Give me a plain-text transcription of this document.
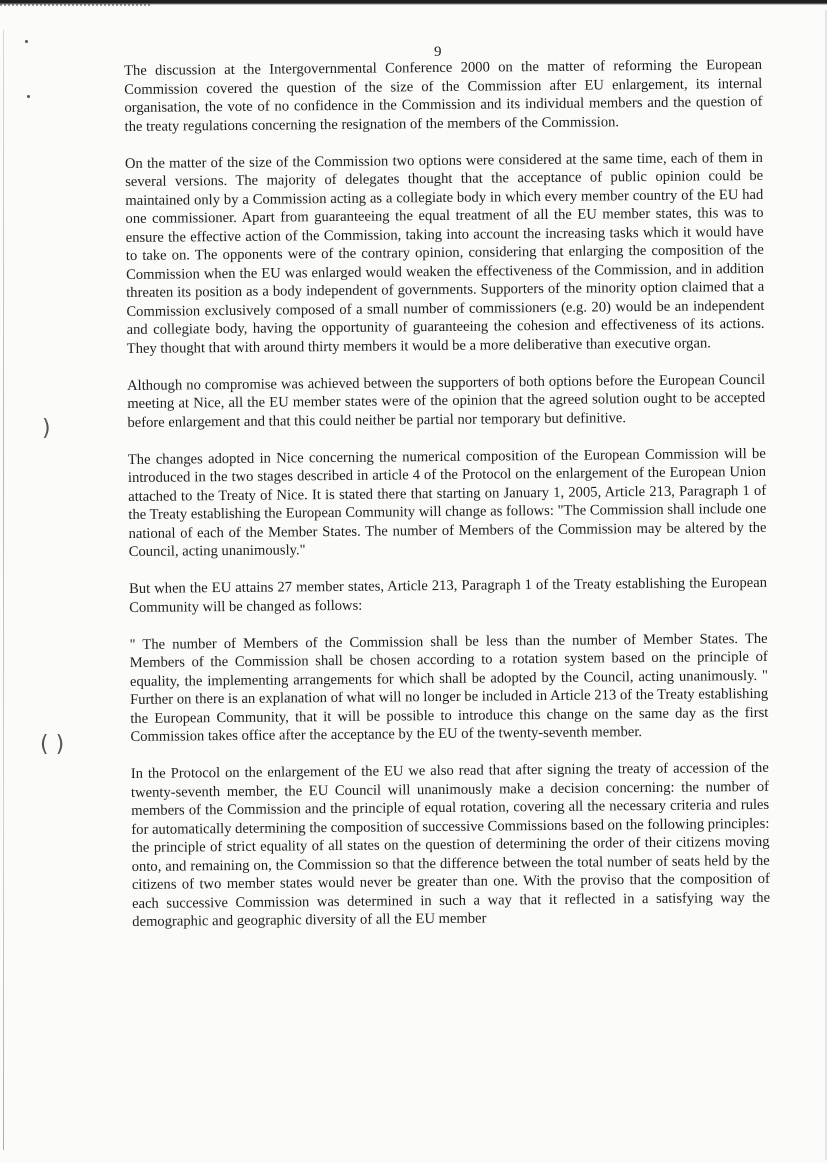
)
( )
9

The discussion at the Intergovernmental Conference 2000 on the matter of reforming the European Commission covered the question of the size of the Commission after EU enlargement, its internal organisation, the vote of no confidence in the Commission and its individual members and the question of the treaty regulations concerning the resignation of the members of the Commission.

On the matter of the size of the Commission two options were considered at the same time, each of them in several versions. The majority of delegates thought that the acceptance of public opinion could be maintained only by a Commission acting as a collegiate body in which every member country of the EU had one commissioner. Apart from guaranteeing the equal treatment of all the EU member states, this was to ensure the effective action of the Commission, taking into account the increasing tasks which it would have to take on. The opponents were of the contrary opinion, considering that enlarging the composition of the Commission when the EU was enlarged would weaken the effectiveness of the Commission, and in addition threaten its position as a body independent of governments. Supporters of the minority option claimed that a Commission exclusively composed of a small number of commissioners (e.g. 20) would be an independent and collegiate body, having the opportunity of guaranteeing the cohesion and effectiveness of its actions. They thought that with around thirty members it would be a more deliberative than executive organ.

Although no compromise was achieved between the supporters of both options before the European Council meeting at Nice, all the EU member states were of the opinion that the agreed solution ought to be accepted before enlargement and that this could neither be partial nor temporary but definitive.

The changes adopted in Nice concerning the numerical composition of the European Commission will be introduced in the two stages described in article 4 of the Protocol on the enlargement of the European Union attached to the Treaty of Nice. It is stated there that starting on January 1, 2005, Article 213, Paragraph 1 of the Treaty establishing the European Community will change as follows: "The Commission shall include one national of each of the Member States. The number of Members of the Commission may be altered by the Council, acting unanimously."

But when the EU attains 27 member states, Article 213, Paragraph 1 of the Treaty establishing the European Community will be changed as follows:

" The number of Members of the Commission shall be less than the number of Member States. The Members of the Commission shall be chosen according to a rotation system based on the principle of equality, the implementing arrangements for which shall be adopted by the Council, acting unanimously. " Further on there is an explanation of what will no longer be included in Article 213 of the Treaty establishing the European Community, that it will be possible to introduce this change on the same day as the first Commission takes office after the acceptance by the EU of the twenty-seventh member.

In the Protocol on the enlargement of the EU we also read that after signing the treaty of accession of the twenty-seventh member, the EU Council will unanimously make a decision concerning: the number of members of the Commission and the principle of equal rotation, covering all the necessary criteria and rules for automatically determining the composition of successive Commissions based on the following principles: the principle of strict equality of all states on the question of determining the order of their citizens moving onto, and remaining on, the Commission so that the difference between the total number of seats held by the citizens of two member states would never be greater than one. With the proviso that the composition of each successive Commission was determined in such a way that it reflected in a satisfying way the demographic and geographic diversity of all the EU member
